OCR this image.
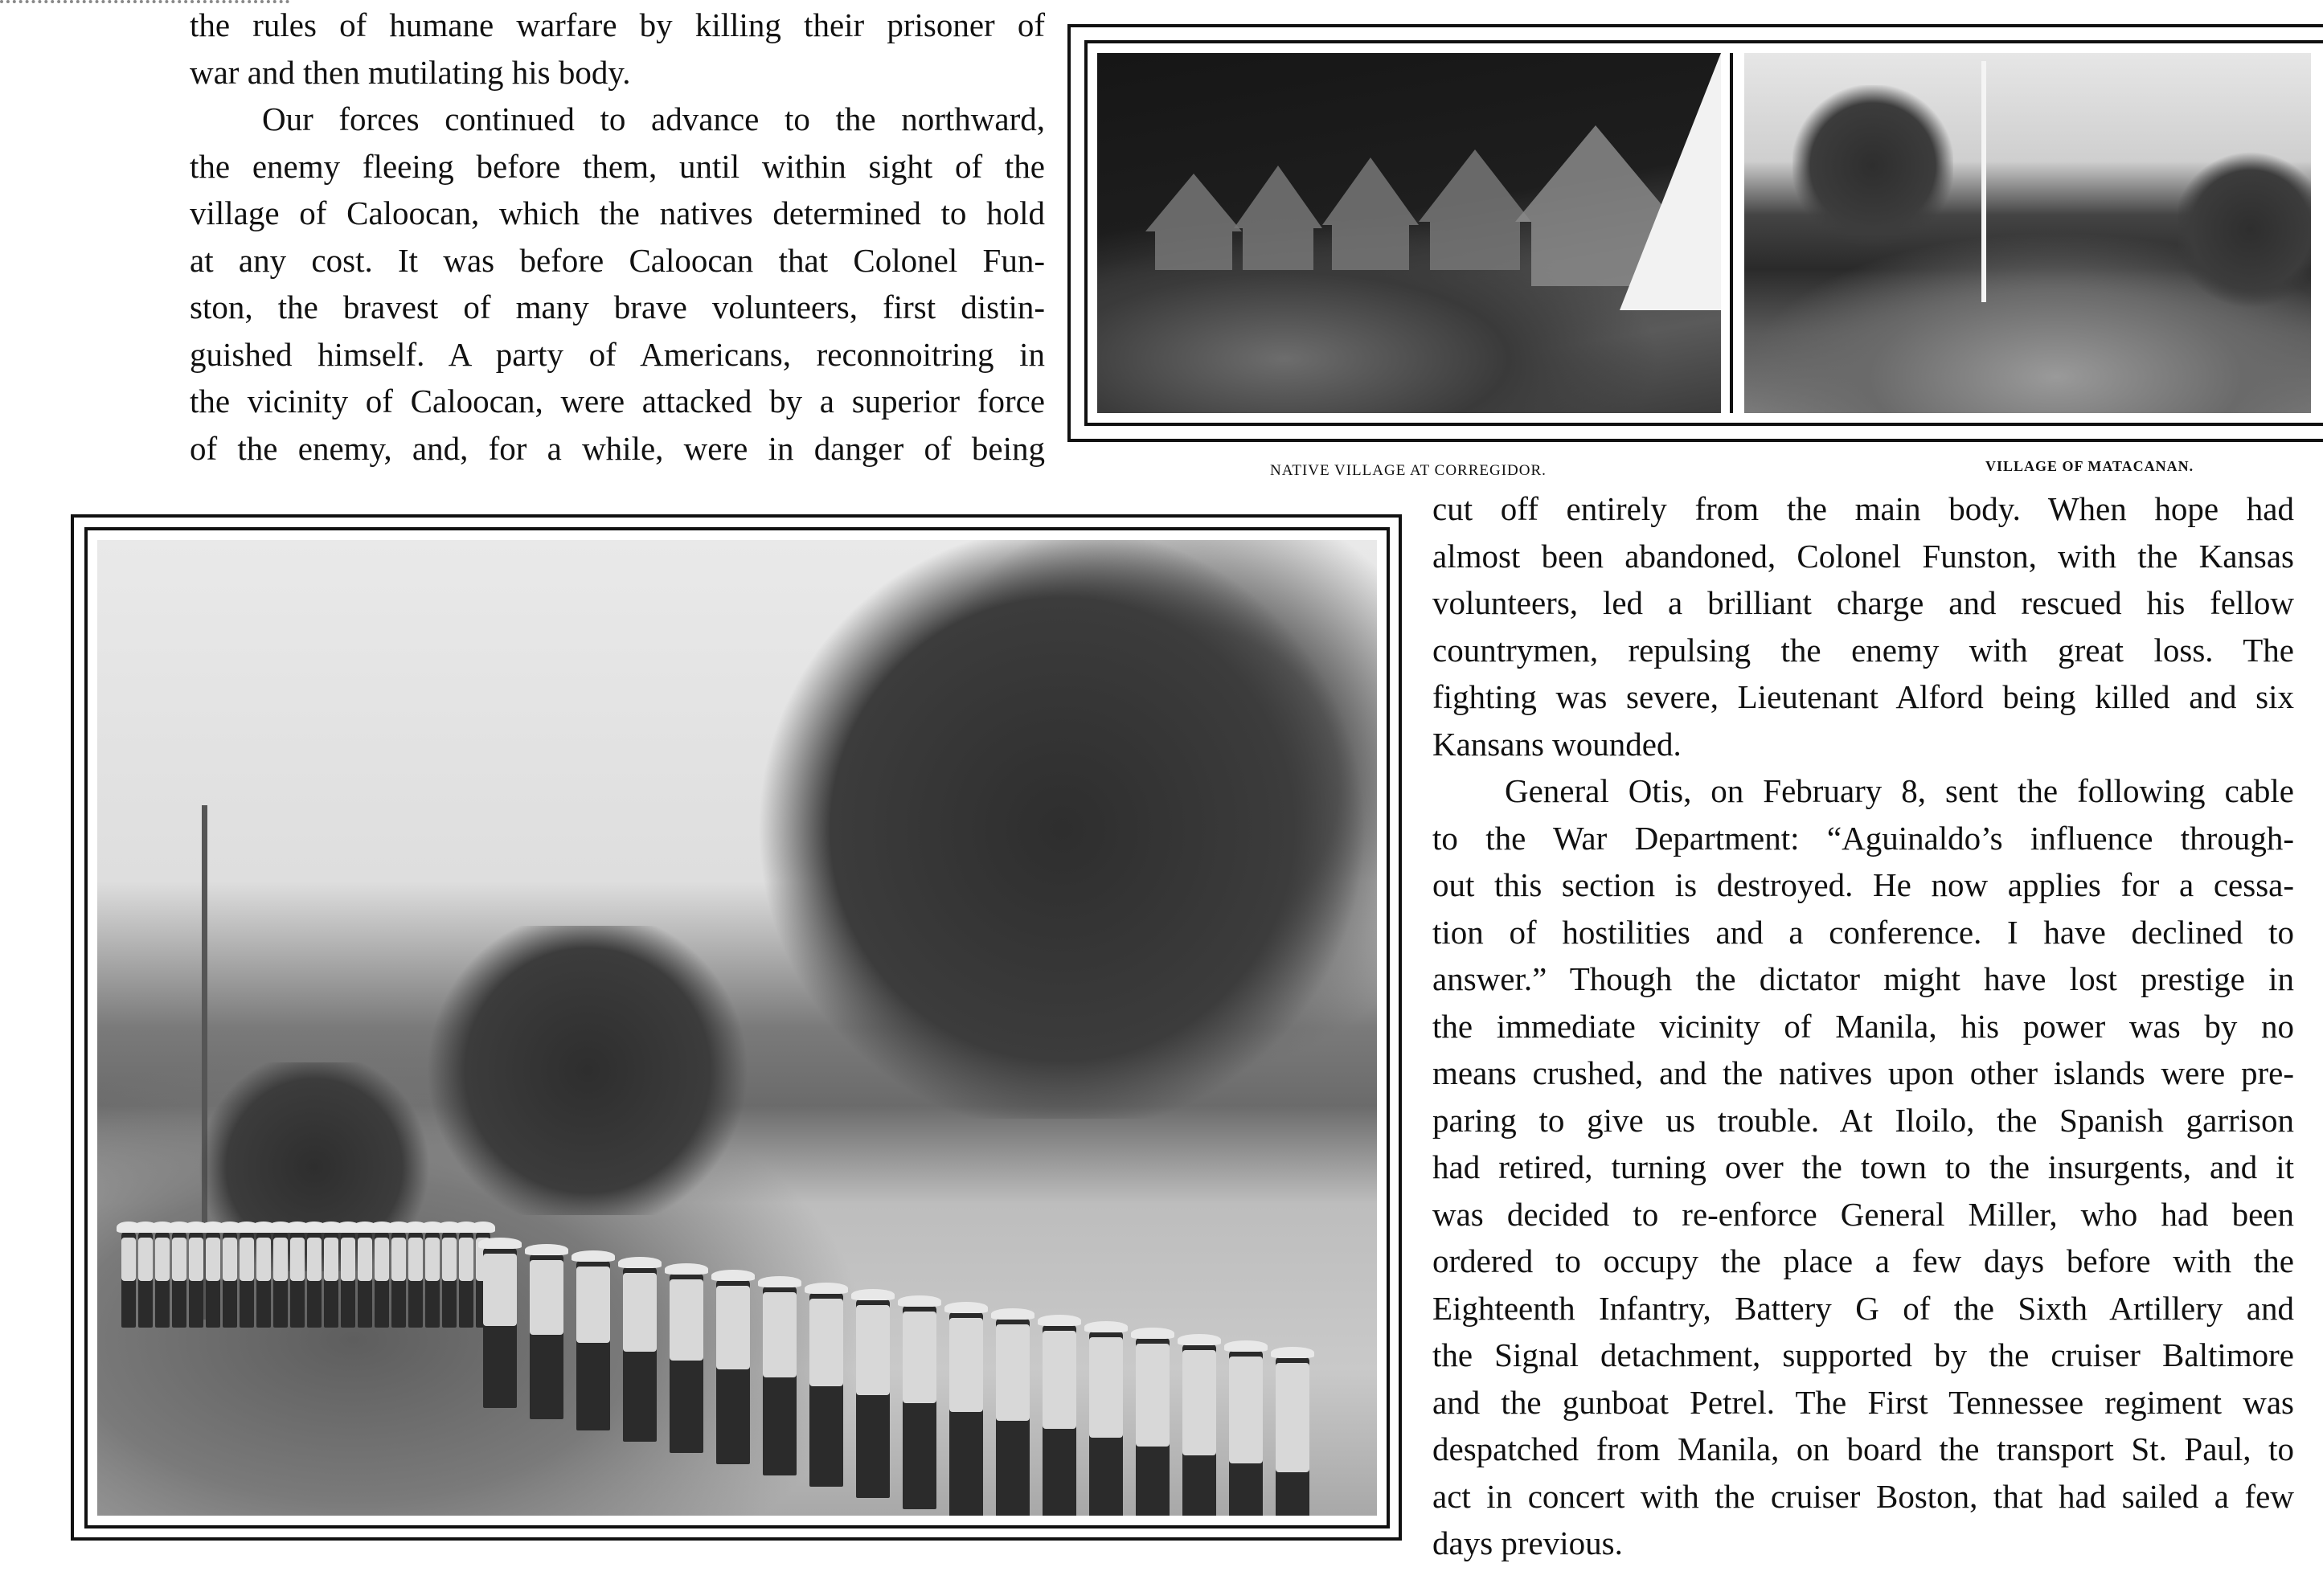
the rules of humane warfare by killing their prisoner of
war and then mutilating his body.
Our forces continued to advance to the northward,
the enemy fleeing before them, until within sight of the
village of Caloocan, which the natives determined to hold
at any cost. It was before Caloocan that Colonel Fun-
ston, the bravest of many brave volunteers, first distin-
guished himself. A party of Americans, reconnoitring in
the vicinity of Caloocan, were attacked by a superior force
of the enemy, and, for a while, were in danger of being
NATIVE VILLAGE AT CORREGIDOR.	VILLAGE OF MATACANAN.
cut off entirely from the main body. When hope had
almost been abandoned, Colonel Funston, with the Kansas
volunteers, led a brilliant charge and rescued his fellow
countrymen, repulsing the enemy with great loss. The
fighting was severe, Lieutenant Alford being killed and six
Kansans wounded.
General Otis, on February 8, sent the following cable
to the War Department: “Aguinaldo’s influence through-
out this section is destroyed. He now applies for a cessa-
tion of hostilities and a conference. I have declined to
answer.” Though the dictator might have lost prestige in
the immediate vicinity of Manila, his power was by no
means crushed, and the natives upon other islands were pre-
paring to give us trouble. At Iloilo, the Spanish garrison
had retired, turning over the town to the insurgents, and it
was decided to re-enforce General Miller, who had been
ordered to occupy the place a few days before with the
Eighteenth Infantry, Battery G of the Sixth Artillery and
the Signal detachment, supported by the cruiser Baltimore
and the gunboat Petrel. The First Tennessee regiment was
despatched from Manila, on board the transport St. Paul, to
act in concert with the cruiser Boston, that had sailed a few
days previous.
